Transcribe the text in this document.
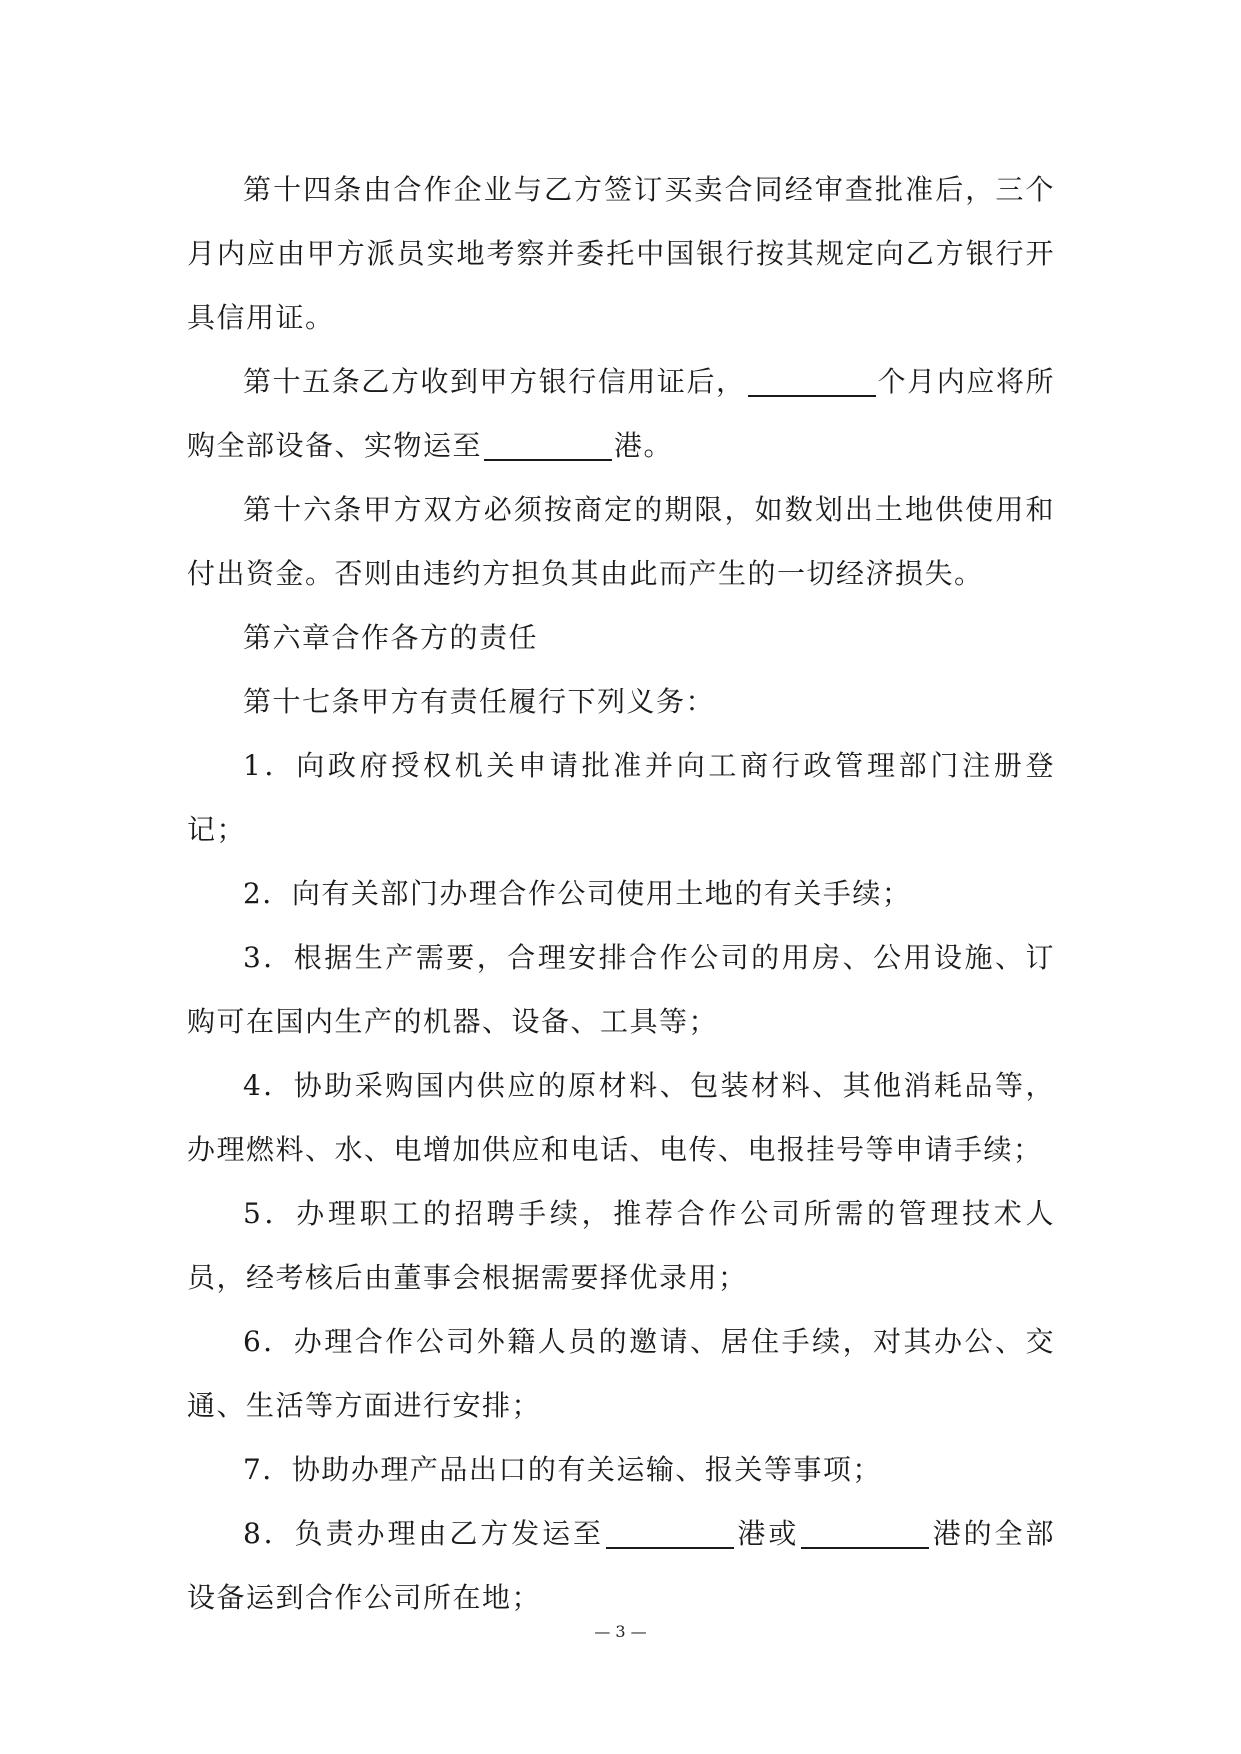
第十四条由合作企业与乙方签订买卖合同经审查批准后，三个月内应由甲方派员实地考察并委托中国银行按其规定向乙方银行开具信用证。

第十五条乙方收到甲方银行信用证后，	个月内应将所购全部设备、实物运至	港。

第十六条甲方双方必须按商定的期限，如数划出土地供使用和付出资金。否则由违约方担负其由此而产生的一切经济损失。

第六章合作各方的责任

第十七条甲方有责任履行下列义务：

1．向政府授权机关申请批准并向工商行政管理部门注册登记；

2．向有关部门办理合作公司使用土地的有关手续；

3．根据生产需要，合理安排合作公司的用房、公用设施、订购可在国内生产的机器、设备、工具等；

4．协助采购国内供应的原材料、包装材料、其他消耗品等，办理燃料、水、电增加供应和电话、电传、电报挂号等申请手续；

5．办理职工的招聘手续，推荐合作公司所需的管理技术人员，经考核后由董事会根据需要择优录用；

6．办理合作公司外籍人员的邀请、居住手续，对其办公、交通、生活等方面进行安排；

7．协助办理产品出口的有关运输、报关等事项；

8．负责办理由乙方发运至	港或	港的全部设备运到合作公司所在地；

— 3 —
